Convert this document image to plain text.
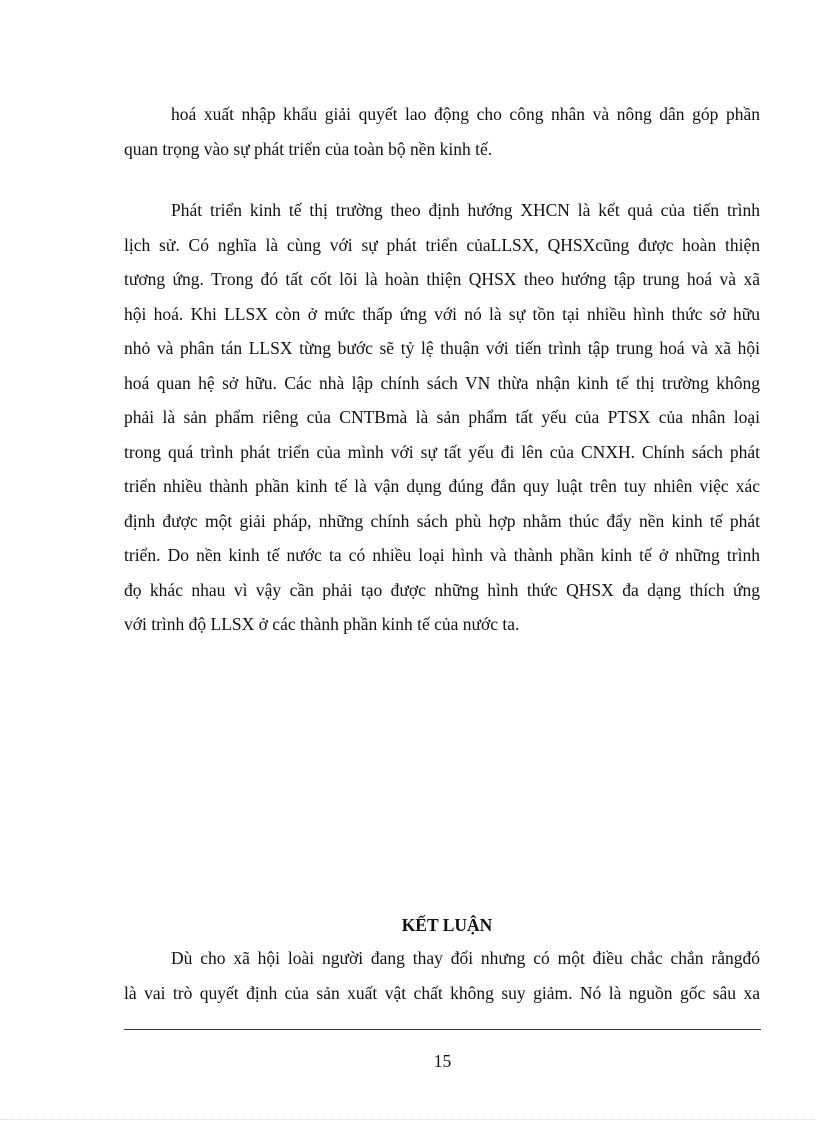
hoá xuất nhập khẩu giải quyết lao động cho công nhân và nông dân góp phần
quan trọng vào sự phát triển của toàn bộ nền kinh tế.
Phát triển kinh tế thị trường theo định hướng XHCN là kết quả của tiến trình
lịch sử. Có nghĩa là cùng với sự phát triển củaLLSX, QHSXcũng được hoàn thiện
tương ứng. Trong đó tất cốt lõi là hoàn thiện QHSX theo hướng tập trung hoá và xã
hội hoá. Khi LLSX còn ở mức thấp ứng với nó là sự tồn tại nhiều hình thức sở hữu
nhỏ và phân tán LLSX từng bước sẽ tỷ lệ thuận với tiến trình tập trung hoá và xã hội
hoá quan hệ sở hữu. Các nhà lập chính sách VN thừa nhận kinh tế thị trường không
phải là sản phẩm riêng của CNTBmà là sản phẩm tất yếu của PTSX của nhân loại
trong quá trình phát triển của mình với sự tất yếu đi lên của CNXH. Chính sách phát
triển nhiều thành phần kinh tế là vận dụng đúng đắn quy luật trên tuy nhiên việc xác
định được một giải pháp, những chính sách phù hợp nhằm thúc đẩy nền kinh tế phát
triển. Do nền kinh tế nước ta có nhiều loại hình và thành phần kinh tế ở những trình
đọ khác nhau vì vậy cần phải tạo được những hình thức QHSX đa dạng thích ứng
với trình độ LLSX ở các thành phần kinh tế của nước ta.
KẾT LUẬN
Dù cho xã hội loài người đang thay đổi nhưng có một điều chắc chắn rằngđó
là vai trò quyết định của sản xuất vật chất không suy giảm. Nó là nguồn gốc sâu xa
15
